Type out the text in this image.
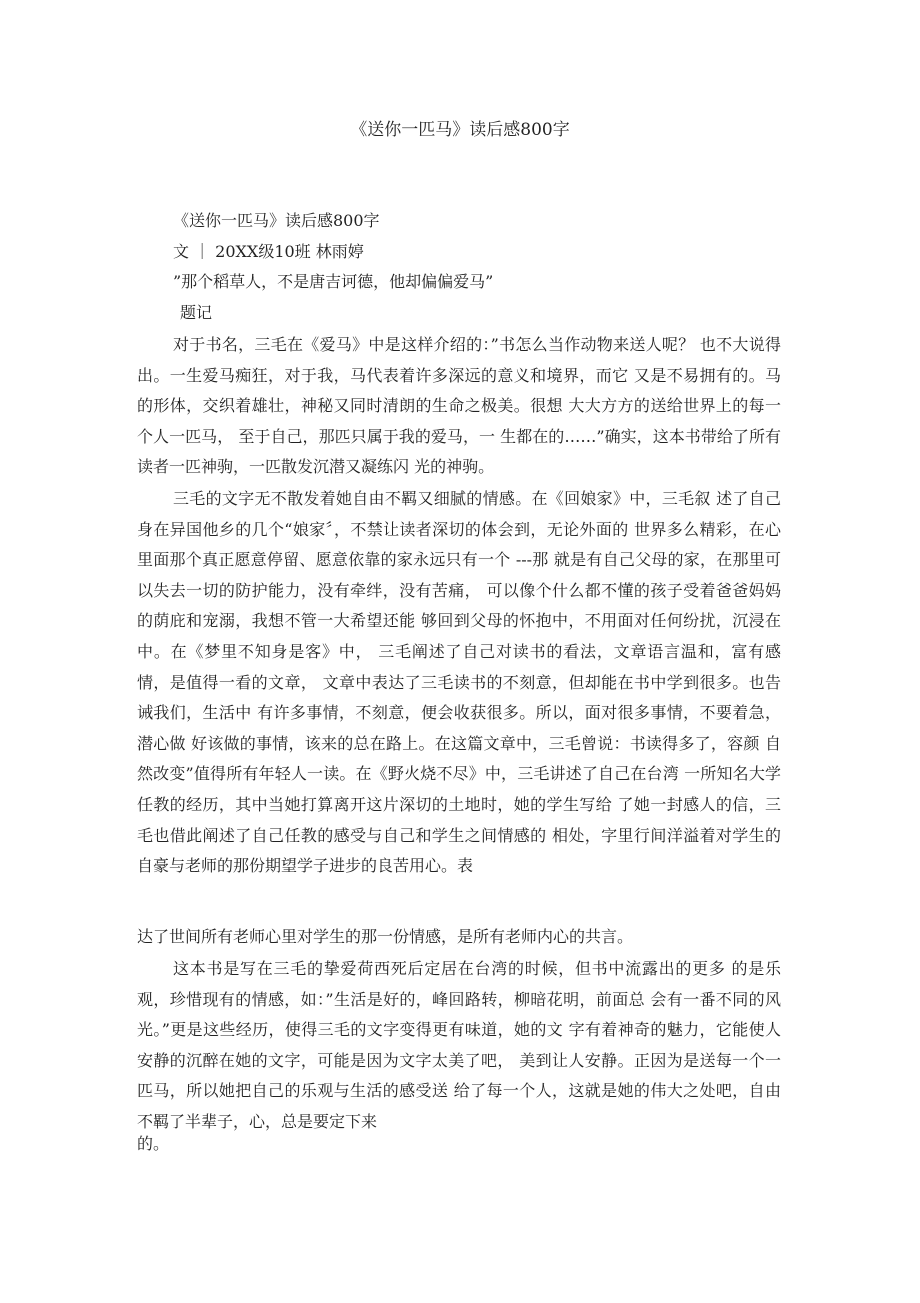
《送你一匹马》读后感800字

《送你一匹马》读后感800字

文 ｜ 20XX级10班 林雨婷

”那个稻草人，不是唐吉诃德，他却偏偏爱马”

题记

对于书名，三毛在《爱马》中是这样介绍的：”书怎么当作动物来送人呢？ 也不大说得出。一生爱马痴狂，对于我，马代表着许多深远的意义和境界，而它 又是不易拥有的。马的形体，交织着雄壮，神秘又同时清朗的生命之极美。很想 大大方方的送给世界上的每一个人一匹马， 至于自己，那匹只属于我的爱马，一 生都在的……”确实，这本书带给了所有读者一匹神驹，一匹散发沉潜又凝练闪 光的神驹。

三毛的文字无不散发着她自由不羁又细腻的情感。在《回娘家》中，三毛叙 述了自己身在异国他乡的几个“娘家〞，不禁让读者深切的体会到，无论外面的 世界多么精彩，在心里面那个真正愿意停留、愿意依靠的家永远只有一个 ---那 就是有自己父母的家，在那里可以失去一切的防护能力，没有牵绊，没有苦痛， 可以像个什么都不懂的孩子受着爸爸妈妈的荫庇和宠溺，我想不管一大希望还能 够回到父母的怀抱中，不用面对任何纷扰，沉浸在中。在《梦里不知身是客》中， 三毛阐述了自己对读书的看法，文章语言温和，富有感情，是值得一看的文章， 文章中表达了三毛读书的不刻意，但却能在书中学到很多。也告诫我们，生活中 有许多事情，不刻意，便会收获很多。所以，面对很多事情，不要着急，潜心做 好该做的事情，该来的总在路上。在这篇文章中，三毛曾说：书读得多了，容颜 自然改变”值得所有年轻人一读。在《野火烧不尽》中，三毛讲述了自己在台湾 一所知名大学任教的经历，其中当她打算离开这片深切的土地时，她的学生写给 了她一封感人的信，三毛也借此阐述了自己任教的感受与自己和学生之间情感的 相处，字里行间洋溢着对学生的自豪与老师的那份期望学子进步的良苦用心。表

达了世间所有老师心里对学生的那一份情感，是所有老师内心的共言。

这本书是写在三毛的挚爱荷西死后定居在台湾的时候，但书中流露出的更多 的是乐观，珍惜现有的情感，如：”生活是好的，峰回路转，柳暗花明，前面总 会有一番不同的风光。”更是这些经历，使得三毛的文字变得更有味道，她的文 字有着神奇的魅力，它能使人安静的沉醉在她的文字，可能是因为文字太美了吧， 美到让人安静。正因为是送每一个一匹马，所以她把自己的乐观与生活的感受送 给了每一个人，这就是她的伟大之处吧，自由不羁了半辈子，心，总是要定下来

的。
